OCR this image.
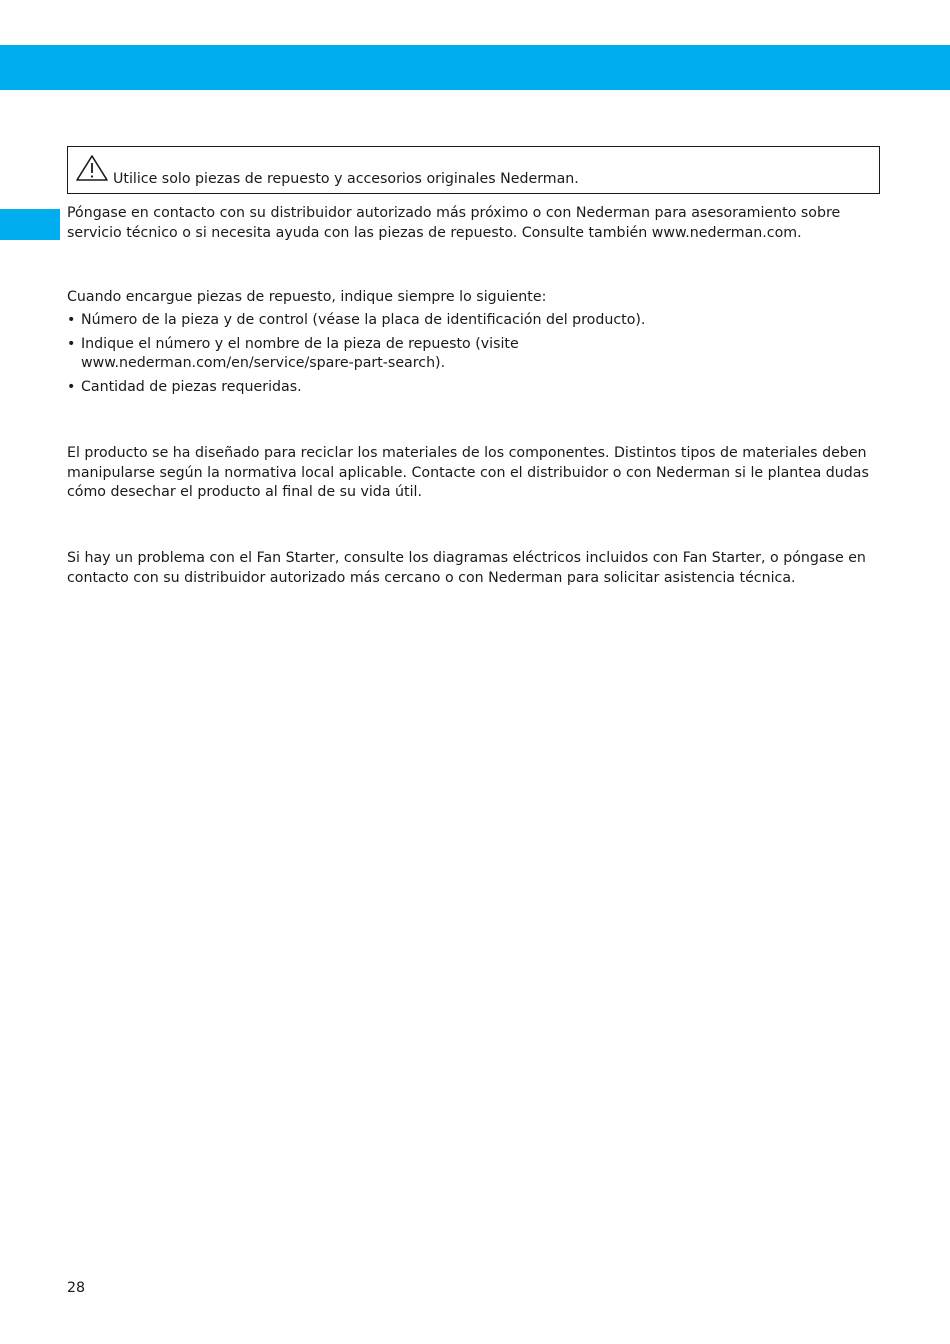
Utilice solo piezas de repuesto y accesorios originales Nederman.

Póngase en contacto con su distribuidor autorizado más próximo o con Nederman para asesoramiento sobre servicio técnico o si necesita ayuda con las piezas de repuesto. Consulte también www.nederman.com.

Cuando encargue piezas de repuesto, indique siempre lo siguiente:

• Número de la pieza y de control (véase la placa de identificación del producto).
• Indique el número y el nombre de la pieza de repuesto (visite www.nederman.com/en/service/spare-part-search).
• Cantidad de piezas requeridas.

El producto se ha diseñado para reciclar los materiales de los componentes. Distintos tipos de materiales deben manipularse según la normativa local aplicable. Contacte con el distribuidor o con Nederman si le plantea dudas cómo desechar el producto al final de su vida útil.

Si hay un problema con el Fan Starter, consulte los diagramas eléctricos incluidos con Fan Starter, o póngase en contacto con su distribuidor autorizado más cercano o con Nederman para solicitar asistencia técnica.

28
